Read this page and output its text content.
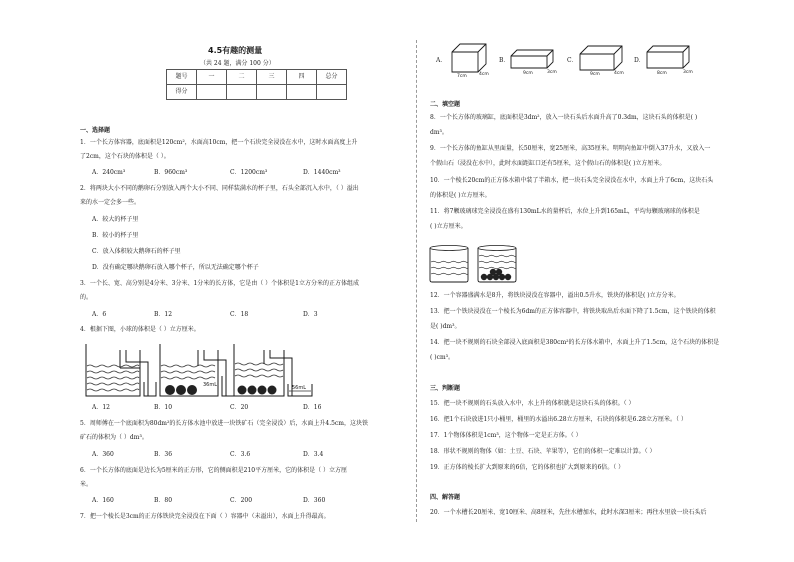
4.5有趣的测量
（共 24 题，满分 100 分）
题号	一	二	三	四	总分
得分					
一、选择题
1．一个长方体容器，底面积是120cm²，水面高10cm，把一个石块完全浸没在水中，这时水面高度上升
了2cm，这个石块的体积是（ ）。
A．240cm³	B．960cm³	C．1200cm³	D．1440cm³
2．将两块大小不同的鹅卵石分别放入两个大小不同、同样装满水的杯子里，石头全部沉入水中，（ ）溢出
来的水一定会多一些。
A．较大的杯子里
B．较小的杯子里
C．放入体积较大鹅卵石的杯子里
D．没有确定哪块鹅卵石放入哪个杯子，所以无法确定哪个杯子
3．一个长、宽、高分别是4分米、3分米、1分米的长方体，它是由（ ）个体积是1立方分米的正方体组成
的。
A．6	B．12	C．18	D．3
4．根据下图，小球的体积是（ ）立方厘米。
36mL	56mL
A．12	B．10	C．20	D．16
5．周师傅在一个底面积为80dm²的长方体水池中放进一块铁矿石（完全浸没）后，水面上升4.5cm，这块铁
矿石的体积为（ ）dm³。
A．360	B．36	C．3.6	D．3.4
6．一个长方体的底面是边长为5厘米的正方形，它的侧面积是210平方厘米，它的体积是（ ）立方厘
米。
A．160	B．80	C．200	D．360
7．把一个棱长是3cm的正方体铁块完全浸没在下面（ ）容器中（未溢出），水面上升得最高。
A．
7cm	4cm
B．
9cm	3cm
C．
9cm	4cm
D．
8cm	3cm
二、填空题
8．一个长方体的玻璃缸，底面积是3dm²，放入一块石头后水面升高了0.3dm，这块石头的体积是( )
dm³。
9．一个长方体的鱼缸从里面量，长50厘米，宽25厘米，高35厘米。明明向鱼缸中倒入37升水，又放入一
个假山石（浸没在水中），此时水面距缸口还有5厘米，这个假山石的体积是( )立方厘米。
10．一个棱长20cm的正方体水箱中装了半箱水，把一块石头完全浸没在水中，水面上升了6cm，这块石头
的体积是( )立方厘米。
11．将7颗玻璃球完全浸没在盛有130mL水的量杯后，水位上升到165mL，平均每颗玻璃球的体积是
( )立方厘米。
12．一个容器盛满水是8升，将铁块浸没在容器中，溢出0.5升水，铁块的体积是( )立方分米。
13．把一个铁块浸没在一个棱长为6dm的正方体容器中，将铁块取出后水面下降了1.5cm，这个铁块的体积
是( )dm³。
14．把一块不规则的石块全部浸入底面积是380cm²的长方体水箱中，水面上升了1.5cm，这个石块的体积是
( )cm³。
三、判断题
15．把一块不规则的石头放入水中，水上升的体积就是这块石头的体积。（ ）
16．把1个石块放进1只小桶里，桶里的水溢出6.28立方厘米，石块的体积是6.28立方厘米。（ ）
17．1个物体体积是1cm³，这个物体一定是正方体。（ ）
18．形状不规则的物体（如：土豆、石块、苹果等），它们的体积一定难以计算。（ ）
19．正方体的棱长扩大到原来的6倍，它的体积也扩大到原来的6倍。（ ）
四、解答题
20．一个水槽长20厘米、宽10厘米、高8厘米，先往水槽加水，此时水深3厘米；再往水里放一块石头后
